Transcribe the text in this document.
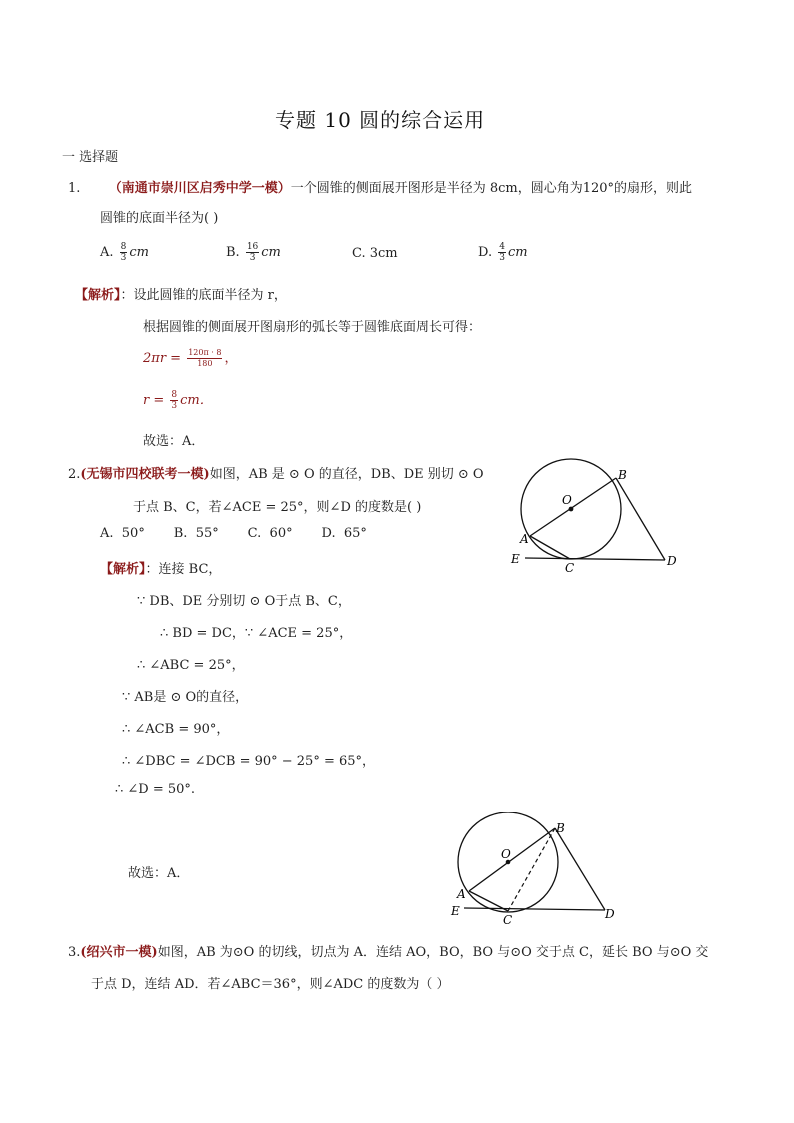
专题 10 圆的综合运用
一 选择题
1. （南通市崇川区启秀中学一模）一个圆锥的侧面展开图形是半径为 8cm，圆心角为120°的扇形，则此
圆锥的底面半径为( )
A. $\frac{8}{3}$ cm	B. $\frac{16}{3}$ cm	C. 3cm	D. $\frac{4}{3}$ cm
【解析】：设此圆锥的底面半径为 r，
根据圆锥的侧面展开图扇形的弧长等于圆锥底面周长可得：
$2\pi r = \frac{120\pi \cdot 8}{180}$ ，
$r = \frac{8}{3}$ cm．
故选：A．
2.(无锡市四校联考一模)如图，AB 是 ⊙ O 的直径，DB、DE 别切 ⊙ O
于点 B、C，若∠ACE = 25°，则∠D 的度数是( )
A.  50°       B.  55°       C.  60°       D.  65°
O
A
B
C	D
E
【解析】：连接 BC，
∵ DB、DE 分别切 ⊙ O于点 B、C，
∴ BD = DC，∵ ∠ACE = 25°，
∴ ∠ABC = 25°，
∵ AB是 ⊙ O的直径，
∴ ∠ACB = 90°，
∴ ∠DBC = ∠DCB = 90° − 25° = 65°，
∴ ∠D = 50°.
故选：A．
O
A
B
C	D
E
3.(绍兴市一模)如图，AB 为⊙O 的切线，切点为 A．连结 AO，BO，BO 与⊙O 交于点 C，延长 BO 与⊙O 交
于点 D，连结 AD．若∠ABC＝36°，则∠ADC 的度数为（ ）
